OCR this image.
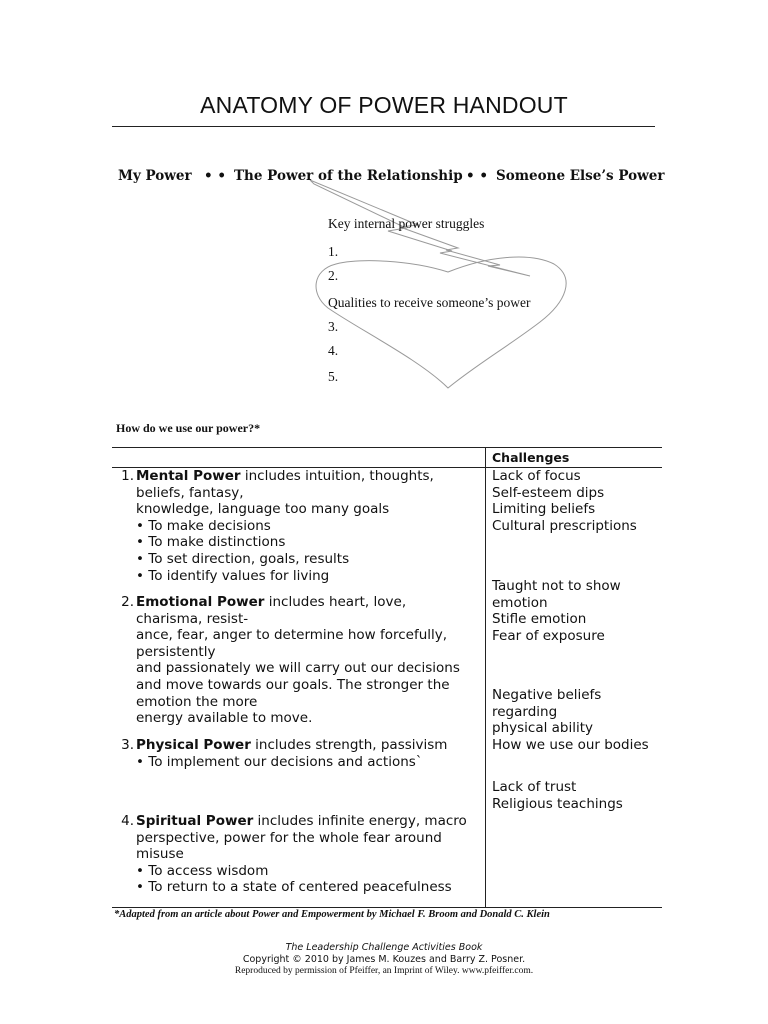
ANATOMY OF POWER HANDOUT
My Power • • The Power of the Relationship • • Someone Else’s Power
Key internal power struggles
1.
2.
Qualities to receive someone’s power
3.
4.
5.
How do we use our power?*
Challenges
1. Mental Power includes intuition, thoughts,
beliefs, fantasy,
knowledge, language too many goals
• To make decisions
• To make distinctions
• To set direction, goals, results
• To identify values for living
Lack of focus
Self-esteem dips
Limiting beliefs
Cultural prescriptions
2. Emotional Power includes heart, love,
charisma, resist-
ance, fear, anger to determine how forcefully,
persistently
and passionately we will carry out our decisions
and move towards our goals. The stronger the
emotion the more
energy available to move.
Taught not to show
emotion
Stifle emotion
Fear of exposure
3. Physical Power includes strength, passivism
• To implement our decisions and actions`
Negative beliefs
regarding
physical ability
How we use our bodies
4. Spiritual Power includes infinite energy, macro
perspective, power for the whole fear around
misuse
• To access wisdom
• To return to a state of centered peacefulness
Lack of trust
Religious teachings
*Adapted from an article about Power and Empowerment by Michael F. Broom and Donald C. Klein
The Leadership Challenge Activities Book
Copyright © 2010 by James M. Kouzes and Barry Z. Posner.
Reproduced by permission of Pfeiffer, an Imprint of Wiley. www.pfeiffer.com.
